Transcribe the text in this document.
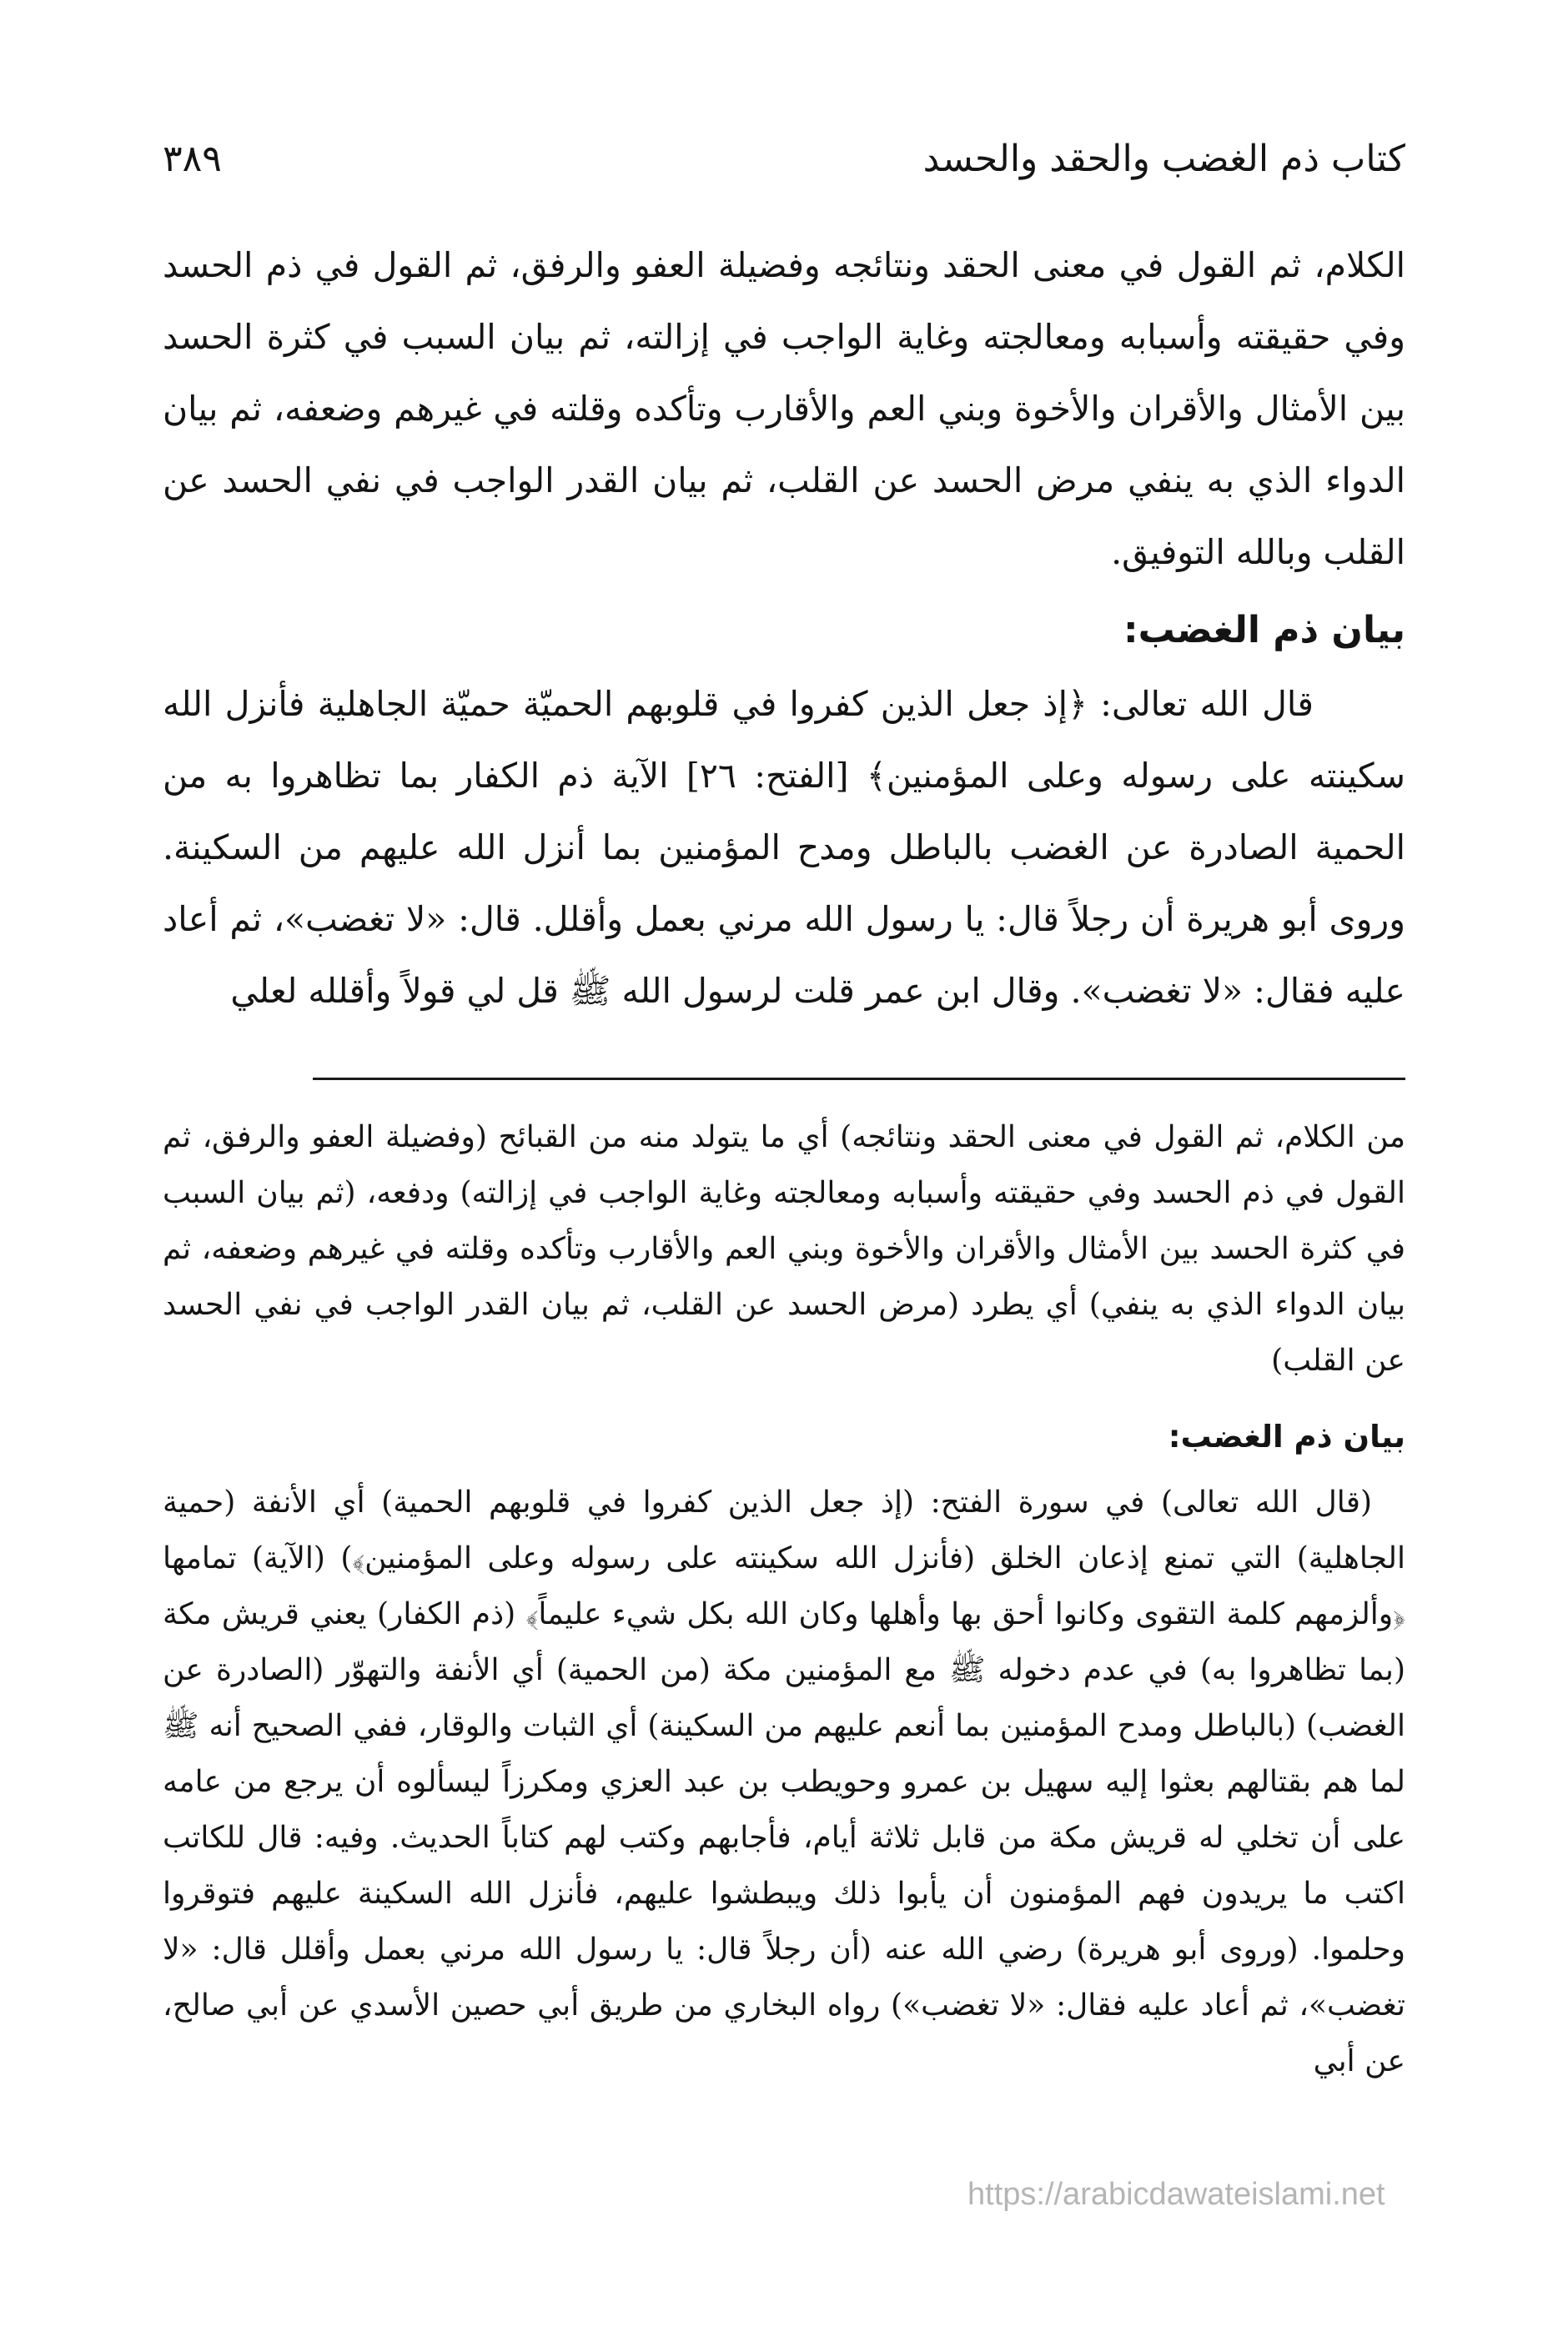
كتاب ذم الغضب والحقد والحسد
٣٨٩

الكلام، ثم القول في معنى الحقد ونتائجه وفضيلة العفو والرفق، ثم القول في ذم الحسد وفي حقيقته وأسبابه ومعالجته وغاية الواجب في إزالته، ثم بيان السبب في كثرة الحسد بين الأمثال والأقران والأخوة وبني العم والأقارب وتأكده وقلته في غيرهم وضعفه، ثم بيان الدواء الذي به ينفي مرض الحسد عن القلب، ثم بيان القدر الواجب في نفي الحسد عن القلب وبالله التوفيق.

بيان ذم الغضب:

قال الله تعالى: ﴿إذ جعل الذين كفروا في قلوبهم الحميّة حميّة الجاهلية فأنزل الله سكينته على رسوله وعلى المؤمنين﴾ [الفتح: ٢٦] الآية ذم الكفار بما تظاهروا به من الحمية الصادرة عن الغضب بالباطل ومدح المؤمنين بما أنزل الله عليهم من السكينة. وروى أبو هريرة أن رجلاً قال: يا رسول الله مرني بعمل وأقلل. قال: «لا تغضب»، ثم أعاد عليه فقال: «لا تغضب». وقال ابن عمر قلت لرسول الله ﷺ قل لي قولاً وأقلله لعلي

من الكلام، ثم القول في معنى الحقد ونتائجه) أي ما يتولد منه من القبائح (وفضيلة العفو والرفق، ثم القول في ذم الحسد وفي حقيقته وأسبابه ومعالجته وغاية الواجب في إزالته) ودفعه، (ثم بيان السبب في كثرة الحسد بين الأمثال والأقران والأخوة وبني العم والأقارب وتأكده وقلته في غيرهم وضعفه، ثم بيان الدواء الذي به ينفي) أي يطرد (مرض الحسد عن القلب، ثم بيان القدر الواجب في نفي الحسد عن القلب)

بيان ذم الغضب:

(قال الله تعالى) في سورة الفتح: (إذ جعل الذين كفروا في قلوبهم الحمية) أي الأنفة (حمية الجاهلية) التي تمنع إذعان الخلق (فأنزل الله سكينته على رسوله وعلى المؤمنين﴾) (الآية) تمامها ﴿وألزمهم كلمة التقوى وكانوا أحق بها وأهلها وكان الله بكل شيء عليماً﴾ (ذم الكفار) يعني قريش مكة (بما تظاهروا به) في عدم دخوله ﷺ مع المؤمنين مكة (من الحمية) أي الأنفة والتهوّر (الصادرة عن الغضب) (بالباطل ومدح المؤمنين بما أنعم عليهم من السكينة) أي الثبات والوقار، ففي الصحيح أنه ﷺ لما هم بقتالهم بعثوا إليه سهيل بن عمرو وحويطب بن عبد العزي ومكرزاً ليسألوه أن يرجع من عامه على أن تخلي له قريش مكة من قابل ثلاثة أيام، فأجابهم وكتب لهم كتاباً الحديث. وفيه: قال للكاتب اكتب ما يريدون فهم المؤمنون أن يأبوا ذلك ويبطشوا عليهم، فأنزل الله السكينة عليهم فتوقروا وحلموا. (وروى أبو هريرة) رضي الله عنه (أن رجلاً قال: يا رسول الله مرني بعمل وأقلل قال: «لا تغضب»، ثم أعاد عليه فقال: «لا تغضب») رواه البخاري من طريق أبي حصين الأسدي عن أبي صالح، عن أبي

https://arabicdawateislami.net
